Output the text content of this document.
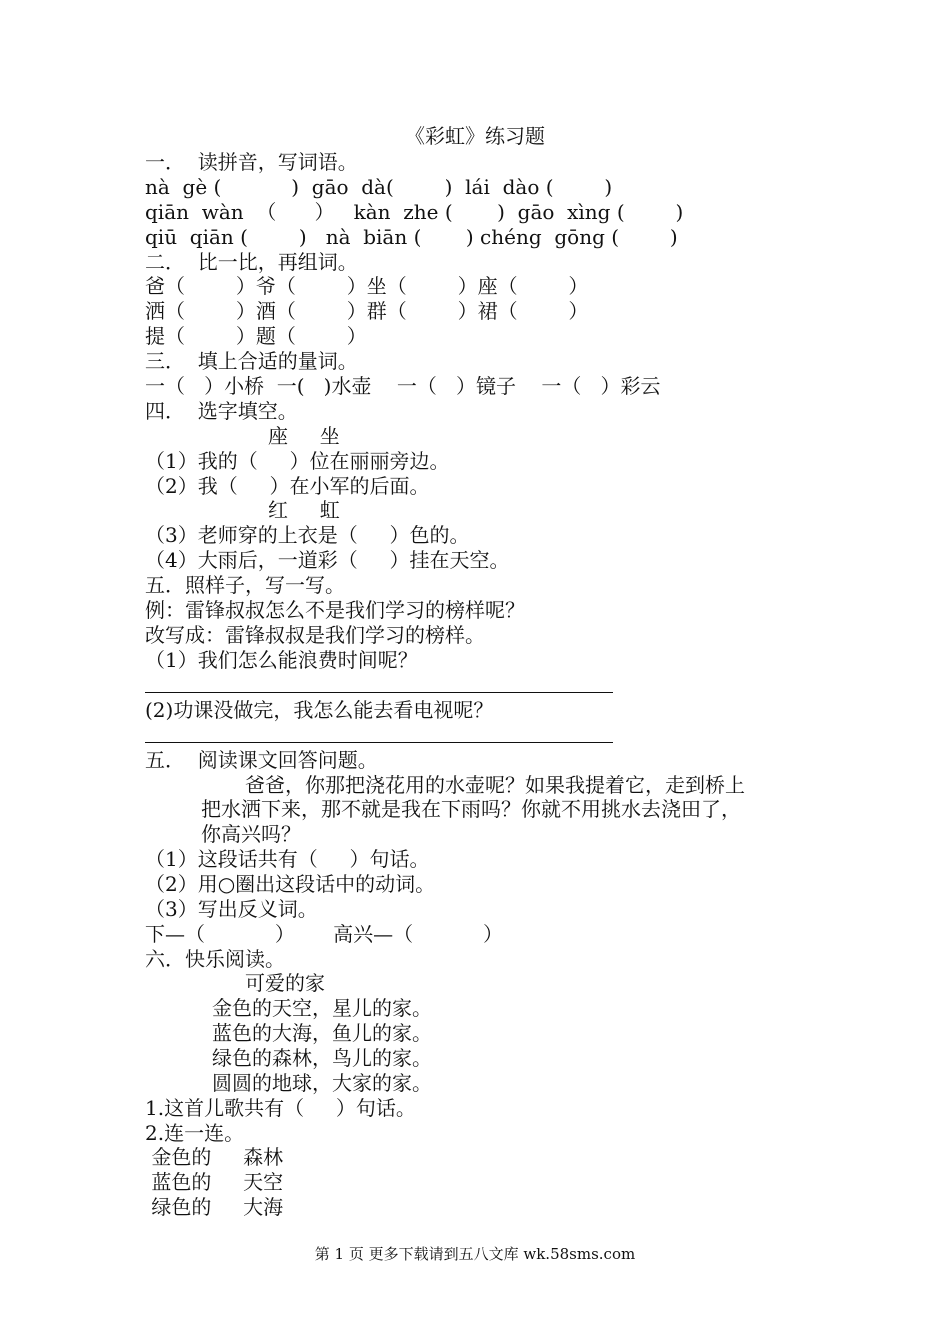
《彩虹》练习题
一．  读拼音，写词语。
nà  gè (           )  gāo  dà(        )  lái  dào (        )
qiān  wàn  （      ）   kàn  zhe (       )  gāo  xìng (        )
qiū  qiān (        )   nà  biān (       ) chéng  gōng (        )
二．  比一比，再组词。
爸（        ）爷（        ）坐（        ）座（        ）
洒（        ）酒（        ）群（        ）裙（        ）
提（        ）题（        ）
三．  填上合适的量词。
一（   ）小桥  一(   )水壶    一（   ）镜子    一（   ）彩云
四．  选字填空。
座     坐
（1）我的（     ）位在丽丽旁边。
（2）我（     ）在小军的后面。
红     虹
（3）老师穿的上衣是（     ）色的。
（4）大雨后，一道彩（     ）挂在天空。
五．照样子，写一写。
例：雷锋叔叔怎么不是我们学习的榜样呢？
改写成：雷锋叔叔是我们学习的榜样。
（1）我们怎么能浪费时间呢？
(2)功课没做完，我怎么能去看电视呢？
五．  阅读课文回答问题。
爸爸，你那把浇花用的水壶呢？如果我提着它，走到桥上
把水洒下来，那不就是我在下雨吗？你就不用挑水去浇田了，
你高兴吗？
（1）这段话共有（     ）句话。
（2）用○圈出这段话中的动词。
（3）写出反义词。
下—（           ）      高兴—（           ）
六．快乐阅读。
可爱的家
金色的天空，星儿的家。
蓝色的大海，鱼儿的家。
绿色的森林，鸟儿的家。
圆圆的地球，大家的家。
1.这首儿歌共有（     ）句话。
2.连一连。
金色的     森林
蓝色的     天空
绿色的     大海
第 1 页 更多下载请到五八文库 wk.58sms.com
